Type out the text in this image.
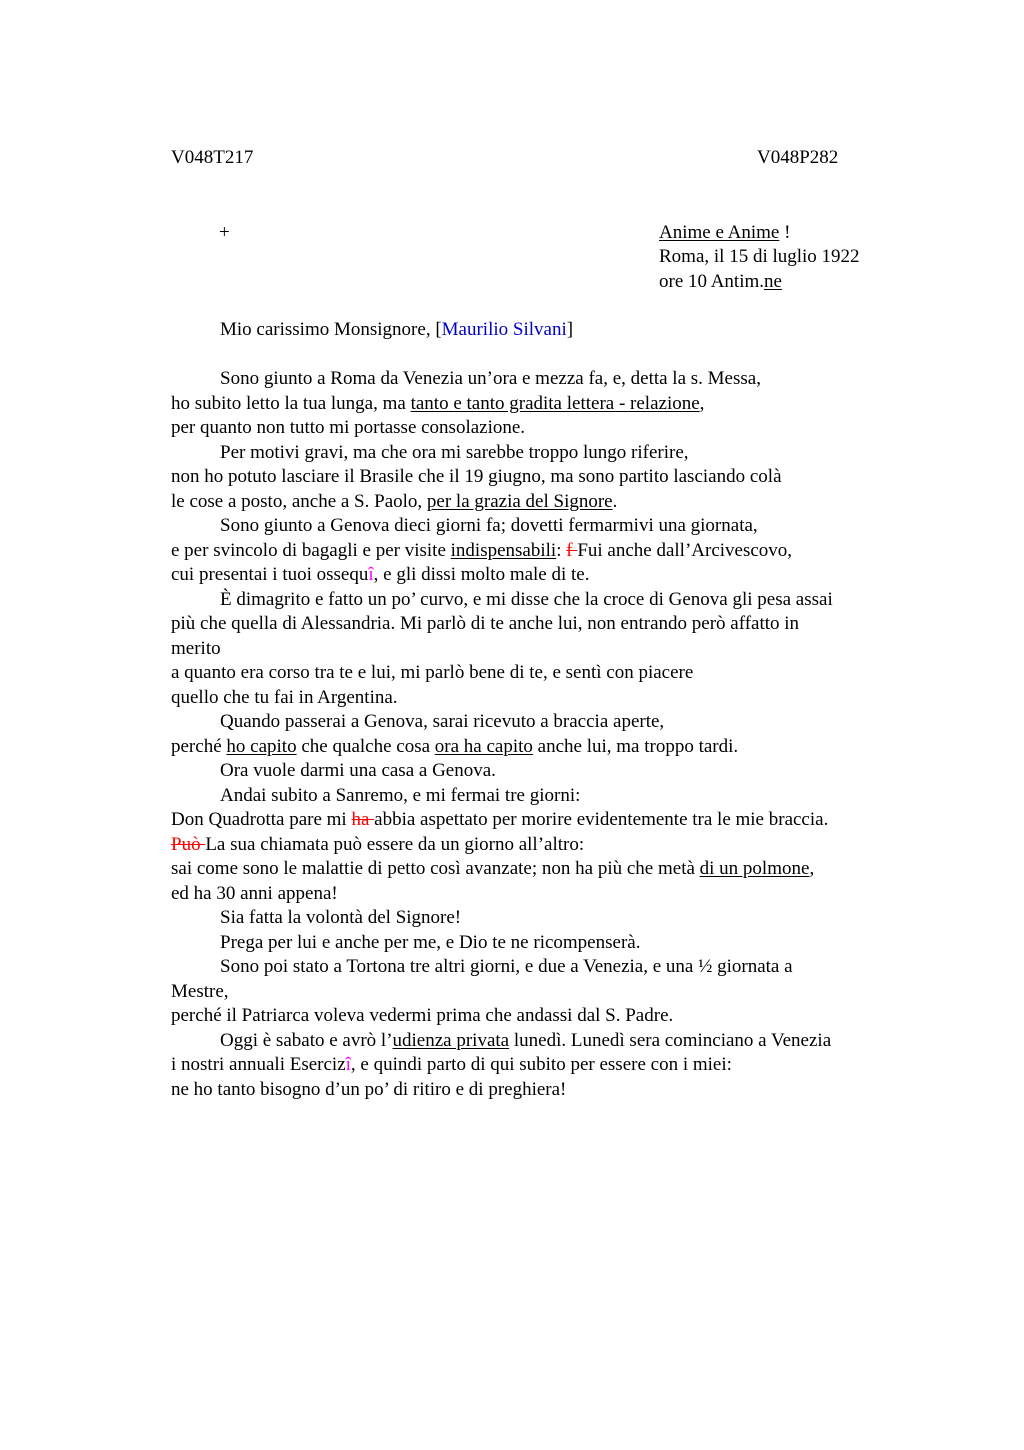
V048T217	V048P282
+	Anime e Anime !
Roma, il 15 di luglio 1922
ore 10 Antim.ne
Mio carissimo Monsignore, [Maurilio Silvani]
Sono giunto a Roma da Venezia un’ora e mezza fa, e, detta la s. Messa,
ho subito letto la tua lunga, ma tanto e tanto gradita lettera - relazione,
per quanto non tutto mi portasse consolazione.
Per motivi gravi, ma che ora mi sarebbe troppo lungo riferire,
non ho potuto lasciare il Brasile che il 19 giugno, ma sono partito lasciando colà
le cose a posto, anche a S. Paolo, per la grazia del Signore.
Sono giunto a Genova dieci giorni fa; dovetti fermarmivi una giornata,
e per svincolo di bagagli e per visite indispensabili: f Fui anche dall’Arcivescovo,
cui presentai i tuoi ossequî, e gli dissi molto male di te.
È dimagrito e fatto un po’ curvo, e mi disse che la croce di Genova gli pesa assai
più che quella di Alessandria. Mi parlò di te anche lui, non entrando però affatto in
merito
a quanto era corso tra te e lui, mi parlò bene di te, e sentì con piacere
quello che tu fai in Argentina.
Quando passerai a Genova, sarai ricevuto a braccia aperte,
perché ho capito che qualche cosa ora ha capito anche lui, ma troppo tardi.
Ora vuole darmi una casa a Genova.
Andai subito a Sanremo, e mi fermai tre giorni:
Don Quadrotta pare mi ha abbia aspettato per morire evidentemente tra le mie braccia.
Può La sua chiamata può essere da un giorno all’altro:
sai come sono le malattie di petto così avanzate; non ha più che metà di un polmone,
ed ha 30 anni appena!
Sia fatta la volontà del Signore!
Prega per lui e anche per me, e Dio te ne ricompenserà.
Sono poi stato a Tortona tre altri giorni, e due a Venezia, e una ½ giornata a
Mestre,
perché il Patriarca voleva vedermi prima che andassi dal S. Padre.
Oggi è sabato e avrò l’udienza privata lunedì. Lunedì sera cominciano a Venezia
i nostri annuali Esercizî, e quindi parto di qui subito per essere con i miei:
ne ho tanto bisogno d’un po’ di ritiro e di preghiera!
